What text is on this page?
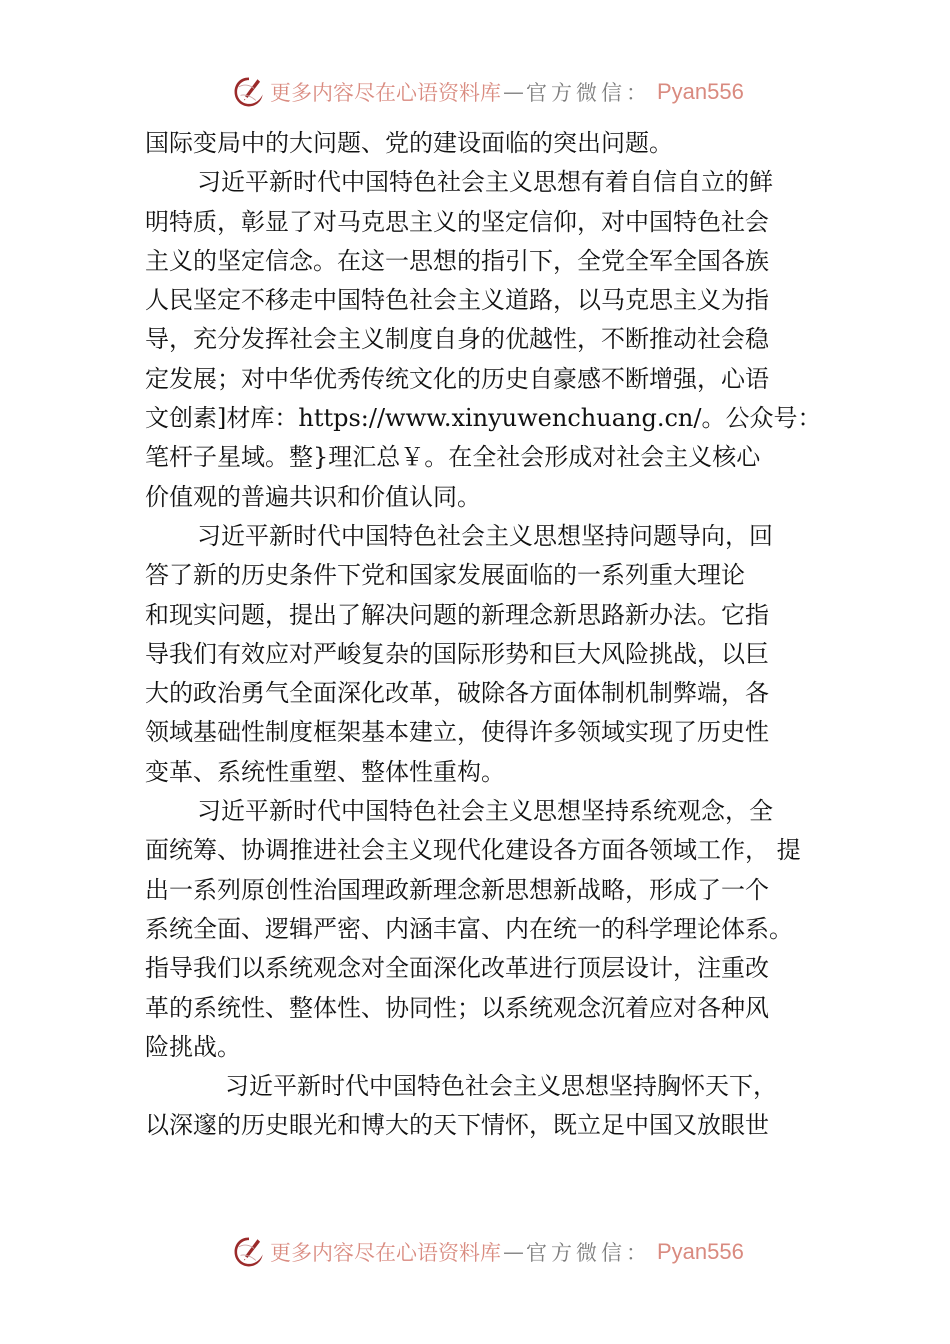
更多内容尽在心语资料库 — 官方微信： Pyan556
国际变局中的大问题、党的建设面临的突出问题。
习近平新时代中国特色社会主义思想有着自信自立的鲜
明特质，彰显了对马克思主义的坚定信仰，对中国特色社会
主义的坚定信念。在这一思想的指引下，全党全军全国各族
人民坚定不移走中国特色社会主义道路，以马克思主义为指
导，充分发挥社会主义制度自身的优越性，不断推动社会稳
定发展；对中华优秀传统文化的历史自豪感不断增强，心语
文创素]材库：https://www.xinyuwenchuang.cn/。公众号：
笔杆子星域。整}理汇总￥。在全社会形成对社会主义核心
价值观的普遍共识和价值认同。
习近平新时代中国特色社会主义思想坚持问题导向，回
答了新的历史条件下党和国家发展面临的一系列重大理论
和现实问题，提出了解决问题的新理念新思路新办法。它指
导我们有效应对严峻复杂的国际形势和巨大风险挑战，以巨
大的政治勇气全面深化改革，破除各方面体制机制弊端，各
领域基础性制度框架基本建立，使得许多领域实现了历史性
变革、系统性重塑、整体性重构。
习近平新时代中国特色社会主义思想坚持系统观念，全
面统筹、协调推进社会主义现代化建设各方面各领域工作， 提
出一系列原创性治国理政新理念新思想新战略，形成了一个
系统全面、逻辑严密、内涵丰富、内在统一的科学理论体系。
指导我们以系统观念对全面深化改革进行顶层设计，注重改
革的系统性、整体性、协同性；以系统观念沉着应对各种风
险挑战。
习近平新时代中国特色社会主义思想坚持胸怀天下，
以深邃的历史眼光和博大的天下情怀，既立足中国又放眼世
更多内容尽在心语资料库 — 官方微信： Pyan556
